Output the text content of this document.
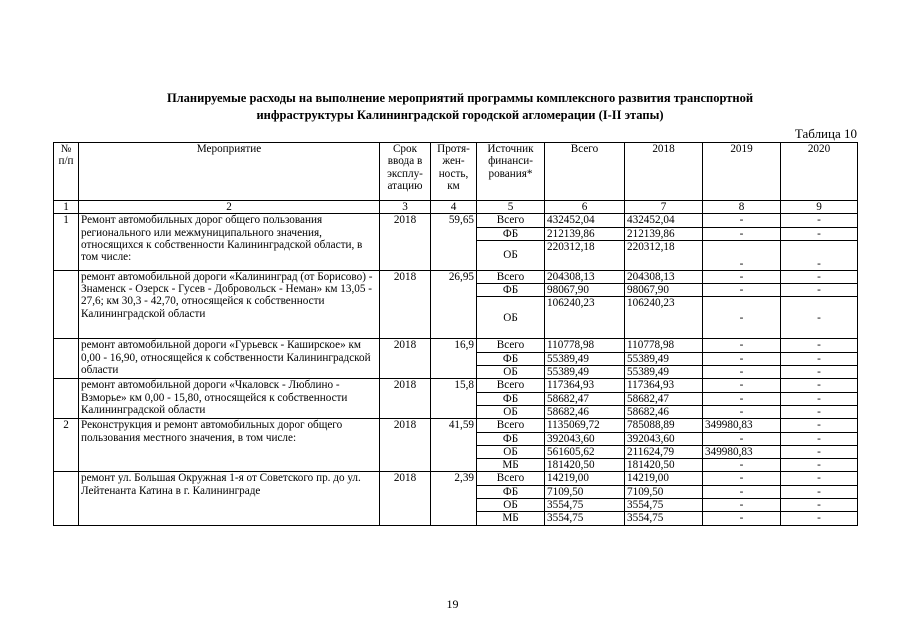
Планируемые расходы на выполнение мероприятий программы комплексного развития транспортной
инфраструктуры Калининградской городской агломерации (I-II этапы)
Таблица 10
№ п/п	Мероприятие	Срок ввода в эксплу-атацию	Протя-жен-ность, км	Источник финанси-рования*	Всего	2018	2019	2020
1	2	3	4	5	6	7	8	9
1	Ремонт автомобильных дорог общего пользования регионального или межмуниципального значения, относящихся к собственности Калининградской области, в том числе:	2018	59,65	Всего	432452,04	432452,04	-	-
				ФБ	212139,86	212139,86	-	-
				ОБ	220312,18	220312,18	-	-
	ремонт автомобильной дороги «Калининград (от Борисово) - Знаменск - Озерск - Гусев - Добровольск - Неман» км 13,05 - 27,6; км 30,3 - 42,70, относящейся к собственности Калининградской области	2018	26,95	Всего	204308,13	204308,13	-	-
				ФБ	98067,90	98067,90	-	-
				ОБ	106240,23	106240,23	-	-
	ремонт автомобильной дороги «Гурьевск - Каширское» км 0,00 - 16,90, относящейся к собственности Калининградской области	2018	16,9	Всего	110778,98	110778,98	-	-
				ФБ	55389,49	55389,49	-	-
				ОБ	55389,49	55389,49	-	-
	ремонт автомобильной дороги «Чкаловск - Люблино - Взморье» км 0,00 - 15,80, относящейся к собственности Калининградской области	2018	15,8	Всего	117364,93	117364,93	-	-
				ФБ	58682,47	58682,47	-	-
				ОБ	58682,46	58682,46	-	-
2	Реконструкция и ремонт автомобильных дорог общего пользования местного значения, в том числе:	2018	41,59	Всего	1135069,72	785088,89	349980,83	-
				ФБ	392043,60	392043,60	-	-
				ОБ	561605,62	211624,79	349980,83	-
				МБ	181420,50	181420,50	-	-
	ремонт ул. Большая Окружная 1-я от Советского пр. до ул. Лейтенанта Катина в г. Калининграде	2018	2,39	Всего	14219,00	14219,00	-	-
				ФБ	7109,50	7109,50	-	-
				ОБ	3554,75	3554,75	-	-
				МБ	3554,75	3554,75	-	-
19
